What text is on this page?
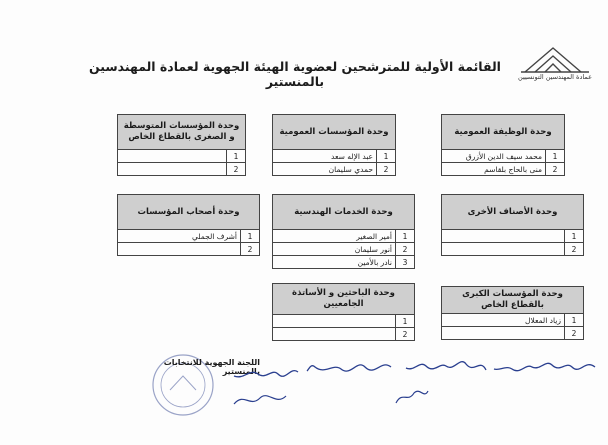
عمادة المهندسين التونسيين
القائمة الأولية للمترشحين لعضوية الهيئة الجهوية لعمادة المهندسين بالمنستير
وحدة الوظيفة العمومية
1	محمد سيف الدين الأزرق
2	منى بالحاج بلقاسم
وحدة المؤسسات العمومية
1	عبد الإله سعد
2	حمدي سليمان
وحدة المؤسسات المتوسطة و الصغرى بالقطاع الخاص
1	
2	
وحدة الأصناف الأخرى
1	
2	
وحدة الخدمات الهندسية
1	أمير الصغير
2	أنور سليمان
3	نادر بالأمين
وحدة أصحاب المؤسسات
1	أشرف الجملي
2	
وحدة المؤسسات الكبرى بالقطاع الخاص
1	زياد المعلال
2	
وحدة الباحثين و الأساتذة الجامعيين
1	
2	
اللجنة الجهوية للانتخابات بالمنستير
